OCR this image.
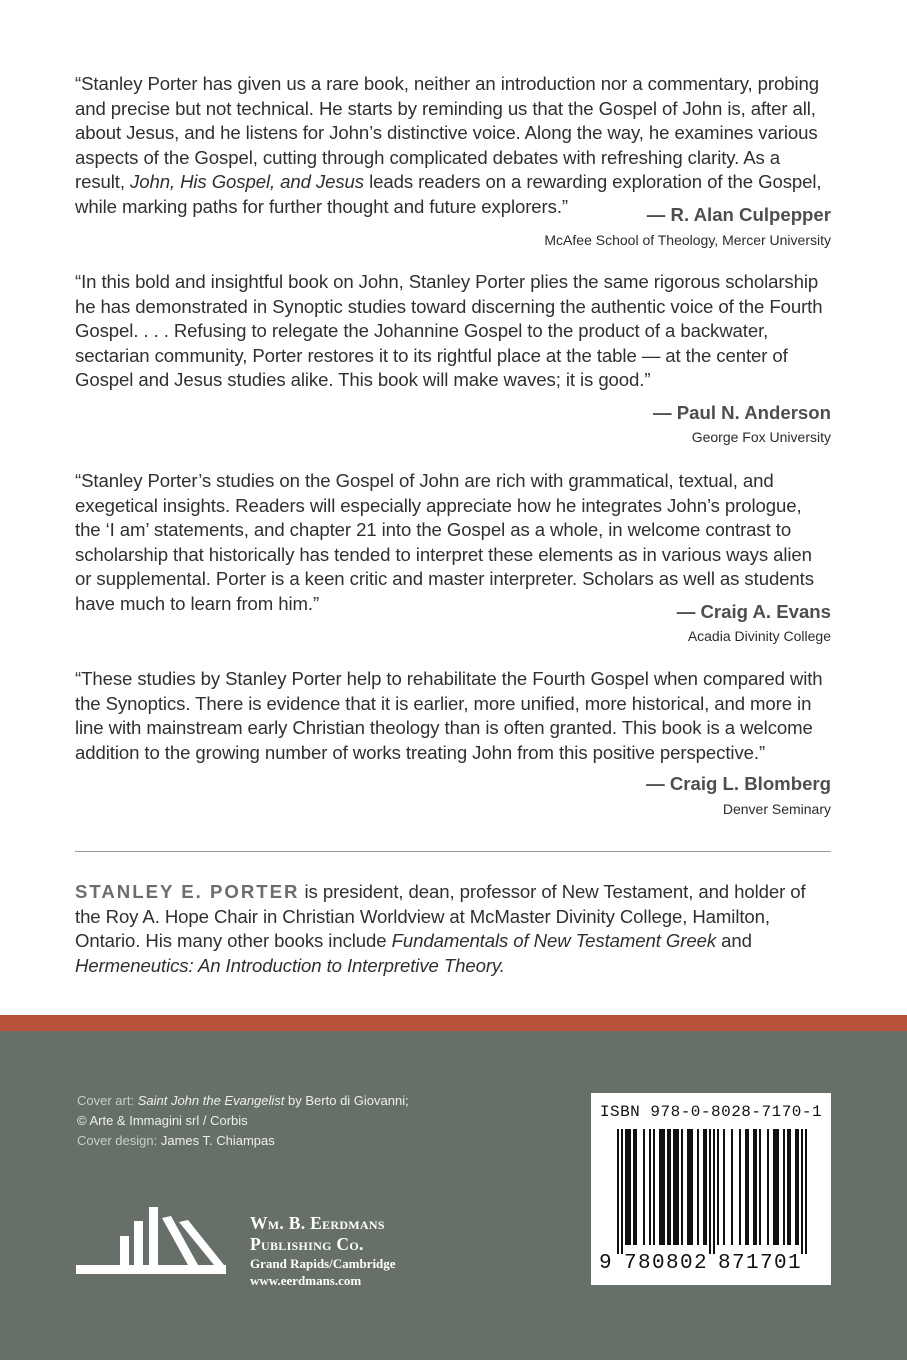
“Stanley Porter has given us a rare book, neither an introduction nor a commentary, probing and precise but not technical. He starts by reminding us that the Gospel of John is, after all, about Jesus, and he listens for John’s distinctive voice. Along the way, he examines various aspects of the Gospel, cutting through complicated debates with refreshing clarity. As a result, John, His Gospel, and Jesus leads readers on a rewarding exploration of the Gospel, while marking paths for further thought and future explorers.”	— R. Alan Culpepper
McAfee School of Theology, Mercer University
“In this bold and insightful book on John, Stanley Porter plies the same rigorous scholarship he has demonstrated in Synoptic studies toward discerning the authentic voice of the Fourth Gospel. . . . Refusing to relegate the Johannine Gospel to the product of a backwater, sectarian community, Porter restores it to its rightful place at the table — at the center of Gospel and Jesus studies alike. This book will make waves; it is good.”
— Paul N. Anderson
George Fox University
“Stanley Porter’s studies on the Gospel of John are rich with grammatical, textual, and exegetical insights. Readers will especially appreciate how he integrates John’s prologue, the ‘I am’ statements, and chapter 21 into the Gospel as a whole, in welcome contrast to scholarship that historically has tended to interpret these elements as in various ways alien or supplemental. Porter is a keen critic and master interpreter. Scholars as well as students have much to learn from him.”	— Craig A. Evans
Acadia Divinity College
“These studies by Stanley Porter help to rehabilitate the Fourth Gospel when compared with the Synoptics. There is evidence that it is earlier, more unified, more historical, and more in line with mainstream early Christian theology than is often granted. This book is a welcome addition to the growing number of works treating John from this positive perspective.”
— Craig L. Blomberg
Denver Seminary
STANLEY E. PORTER is president, dean, professor of New Testament, and holder of the Roy A. Hope Chair in Christian Worldview at McMaster Divinity College, Hamilton, Ontario. His many other books include Fundamentals of New Testament Greek and Hermeneutics: An Introduction to Interpretive Theory.
Cover art: Saint John the Evangelist by Berto di Giovanni;
© Arte & Immagini srl / Corbis
Cover design: James T. Chiampas
Wm. B. Eerdmans
Publishing Co.
Grand Rapids/Cambridge
www.eerdmans.com
ISBN 978-0-8028-7170-1
9 7 8 0 8 0 2 8 7 1 7 0 1
